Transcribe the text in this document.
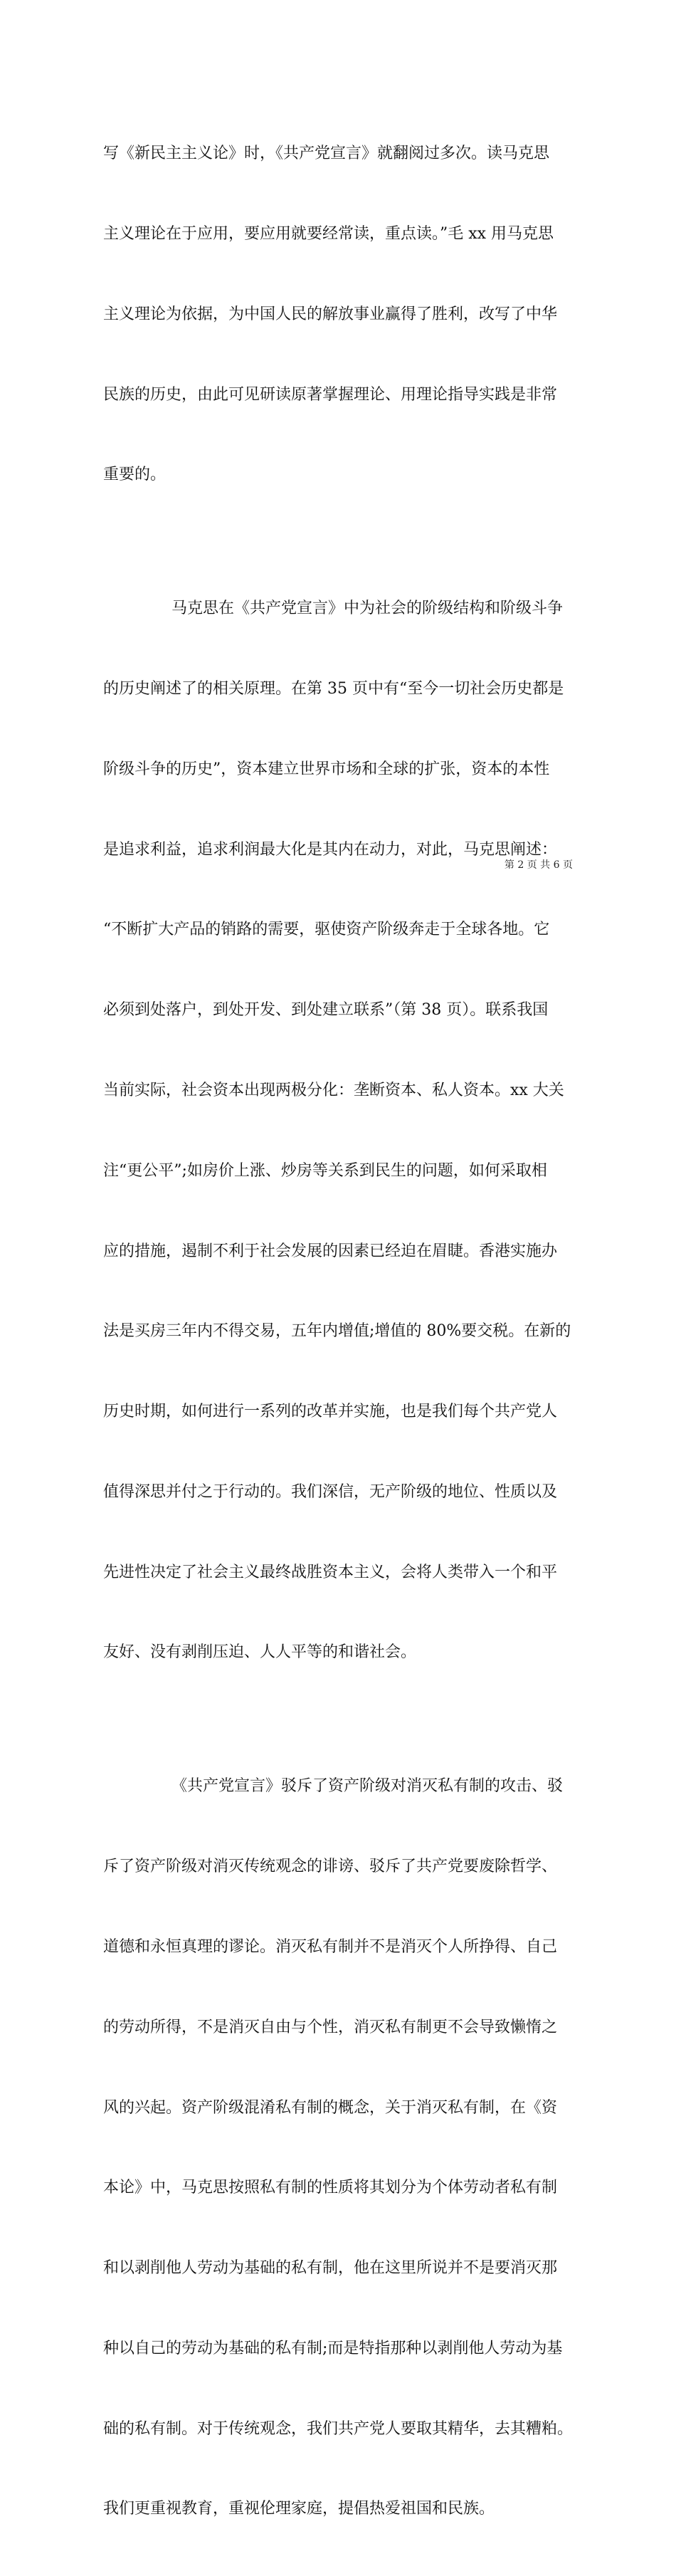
写《新民主主义论》时，《共产党宣言》就翻阅过多次。读马克思

主义理论在于应用，要应用就要经常读，重点读。”毛 xx 用马克思

主义理论为依据，为中国人民的解放事业赢得了胜利，改写了中华

民族的历史，由此可见研读原著掌握理论、用理论指导实践是非常

重要的。

马克思在《共产党宣言》中为社会的阶级结构和阶级斗争

的历史阐述了的相关原理。在第 35 页中有“至今一切社会历史都是

阶级斗争的历史”，资本建立世界市场和全球的扩张，资本的本性

是追求利益，追求利润最大化是其内在动力，对此，马克思阐述：

“不断扩大产品的销路的需要，驱使资产阶级奔走于全球各地。它

必须到处落户，到处开发、到处建立联系”（第 38 页）。联系我国

当前实际，社会资本出现两极分化：垄断资本、私人资本。xx 大关

注“更公平”;如房价上涨、炒房等关系到民生的问题，如何采取相

应的措施，遏制不利于社会发展的因素已经迫在眉睫。香港实施办

法是买房三年内不得交易，五年内增值;增值的 80%要交税。在新的

历史时期，如何进行一系列的改革并实施，也是我们每个共产党人

值得深思并付之于行动的。我们深信，无产阶级的地位、性质以及

先进性决定了社会主义最终战胜资本主义，会将人类带入一个和平

友好、没有剥削压迫、人人平等的和谐社会。

《共产党宣言》驳斥了资产阶级对消灭私有制的攻击、驳

斥了资产阶级对消灭传统观念的诽谤、驳斥了共产党要废除哲学、

道德和永恒真理的谬论。消灭私有制并不是消灭个人所挣得、自己

的劳动所得，不是消灭自由与个性，消灭私有制更不会导致懒惰之

风的兴起。资产阶级混淆私有制的概念，关于消灭私有制，在《资

本论》中，马克思按照私有制的性质将其划分为个体劳动者私有制

和以剥削他人劳动为基础的私有制，他在这里所说并不是要消灭那

种以自己的劳动为基础的私有制;而是特指那种以剥削他人劳动为基

础的私有制。对于传统观念，我们共产党人要取其精华，去其糟粕。

我们更重视教育，重视伦理家庭，提倡热爱祖国和民族。

第 2 页 共 6 页
